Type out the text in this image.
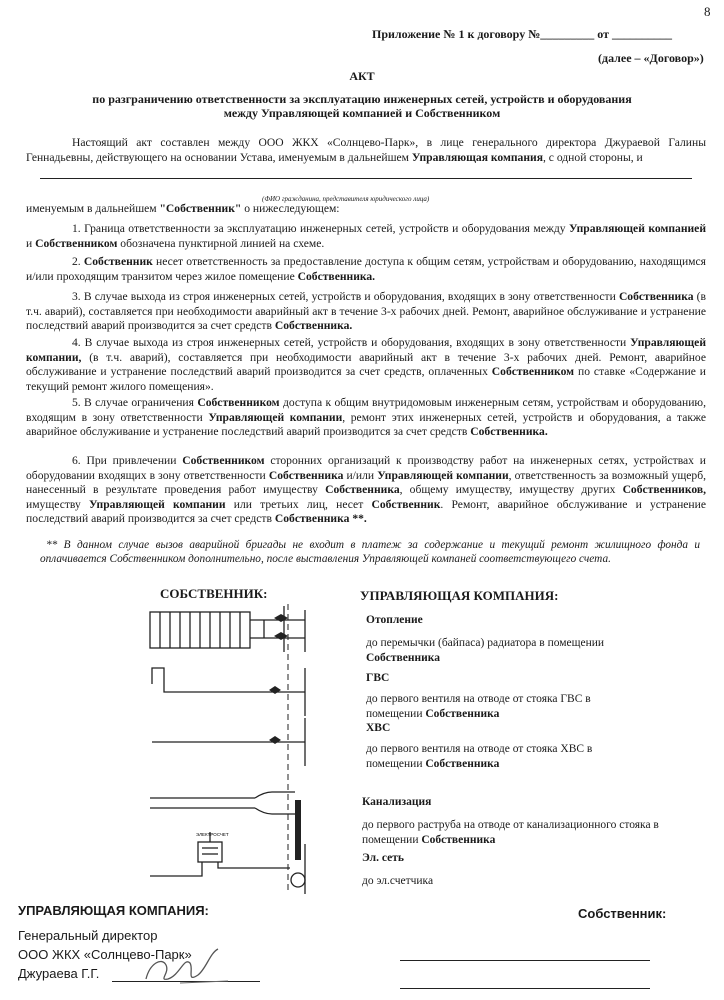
8
Приложение № 1 к договору №_________ от __________
(далее – «Договор»)
АКТ
по разграничению ответственности за эксплуатацию инженерных сетей, устройств и оборудования
между Управляющей компанией и Собственником
Настоящий акт составлен между ООО ЖКХ «Солнцево-Парк», в лице генерального директора Джураевой Галины Геннадьевны, действующего на основании Устава, именуемым в дальнейшем Управляющая компания, с одной стороны, и
(ФИО гражданина, представителя юридического лица)
именуемым в дальнейшем "Собственник" о нижеследующем:
1. Граница ответственности за эксплуатацию инженерных сетей, устройств и оборудования между Управляющей компанией и Собственником обозначена пунктирной линией на схеме.
2. Собственник несет ответственность за предоставление доступа к общим сетям, устройствам и оборудованию, находящимся и/или проходящим транзитом через жилое помещение Собственника.
3. В случае выхода из строя инженерных сетей, устройств и оборудования, входящих в зону ответственности Собственника (в т.ч. аварий), составляется при необходимости аварийный акт в течение 3-х рабочих дней. Ремонт, аварийное обслуживание и устранение последствий аварий производится за счет средств Собственника.
4. В случае выхода из строя инженерных сетей, устройств и оборудования, входящих в зону ответственности Управляющей компании, (в т.ч. аварий), составляется при необходимости аварийный акт в течение 3-х рабочих дней. Ремонт, аварийное обслуживание и устранение последствий аварий производится за счет средств, оплаченных Собственником по ставке «Содержание и текущий ремонт жилого помещения».
5. В случае ограничения Собственником доступа к общим внутридомовым инженерным сетям, устройствам и оборудованию, входящим в зону ответственности Управляющей компании, ремонт этих инженерных сетей, устройств и оборудования, а также аварийное обслуживание и устранение последствий аварий производится за счет средств Собственника.
6. При привлечении Собственником сторонних организаций к производству работ на инженерных сетях, устройствах и оборудовании входящих в зону ответственности Собственника и/или Управляющей компании, ответственность за возможный ущерб, нанесенный в результате проведения работ имуществу Собственника, общему имуществу, имуществу других Собственников, имуществу Управляющей компании или третьих лиц, несет Собственник. Ремонт, аварийное обслуживание и устранение последствий аварий производится за счет средств Собственника **.
** В данном случае вызов аварийной бригады не входит в платеж за содержание и текущий ремонт жилищного фонда и оплачивается Собственником дополнительно, после выставления Управляющей компаней соответствующего счета.
СОБСТВЕННИК:	УПРАВЛЯЮЩАЯ КОМПАНИЯ:
ЭЛЕКТРОСЧЕТ
Отопление
до перемычки (байпаса) радиатора в помещении
Собственника
ГВС
до первого вентиля на отводе от стояка ГВС в помещении Собственника
ХВС
до первого вентиля на отводе от стояка ХВС в помещении Собственника
Канализация
до первого раструба на отводе от канализационного стояка в помещении Собственника
Эл. сеть
до эл.счетчика
УПРАВЛЯЮЩАЯ КОМПАНИЯ:
Генеральный директор
ООО ЖКХ «Солнцево-Парк»
Джураева Г.Г.
Собственник:
